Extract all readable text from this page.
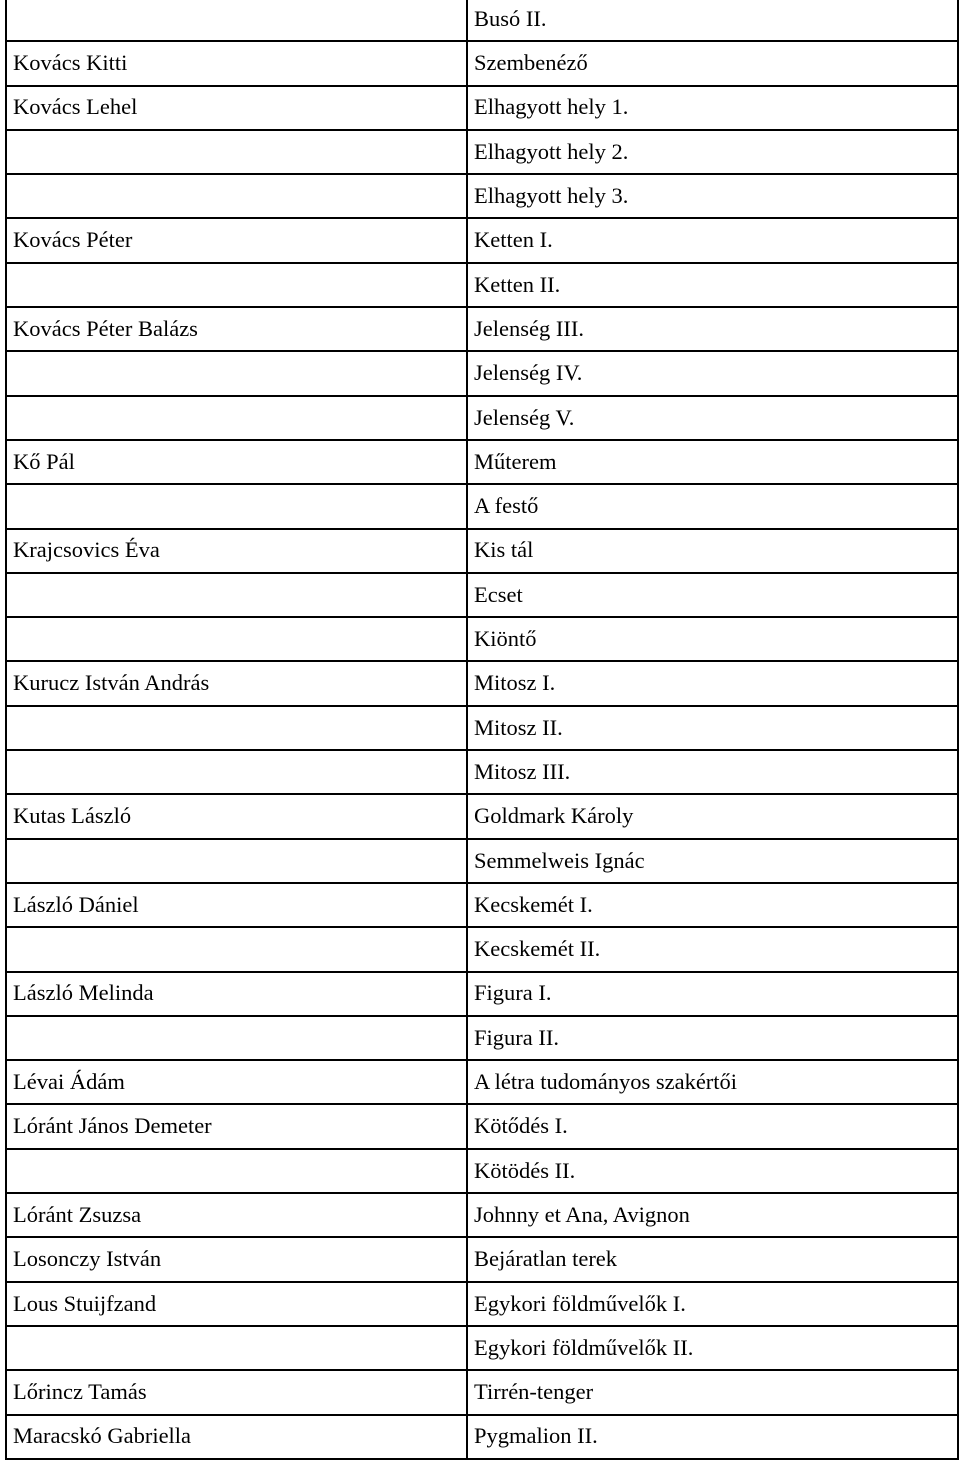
	Busó II.
Kovács Kitti	Szembenéző
Kovács Lehel	Elhagyott hely 1.
	Elhagyott hely 2.
	Elhagyott hely 3.
Kovács Péter	Ketten I.
	Ketten II.
Kovács Péter Balázs	Jelenség III.
	Jelenség IV.
	Jelenség V.
Kő Pál	Műterem
	A festő
Krajcsovics Éva	Kis tál
	Ecset
	Kiöntő
Kurucz István András	Mitosz I.
	Mitosz II.
	Mitosz III.
Kutas László	Goldmark Károly
	Semmelweis Ignác
László Dániel	Kecskemét I.
	Kecskemét II.
László Melinda	Figura I.
	Figura II.
Lévai Ádám	A létra tudományos szakértői
Lóránt János Demeter	Kötődés I.
	Kötödés II.
Lóránt Zsuzsa	Johnny et Ana, Avignon
Losonczy István	Bejáratlan terek
Lous Stuijfzand	Egykori földművelők I.
	Egykori földművelők II.
Lőrincz Tamás	Tirrén-tenger
Maracskó Gabriella	Pygmalion II.
